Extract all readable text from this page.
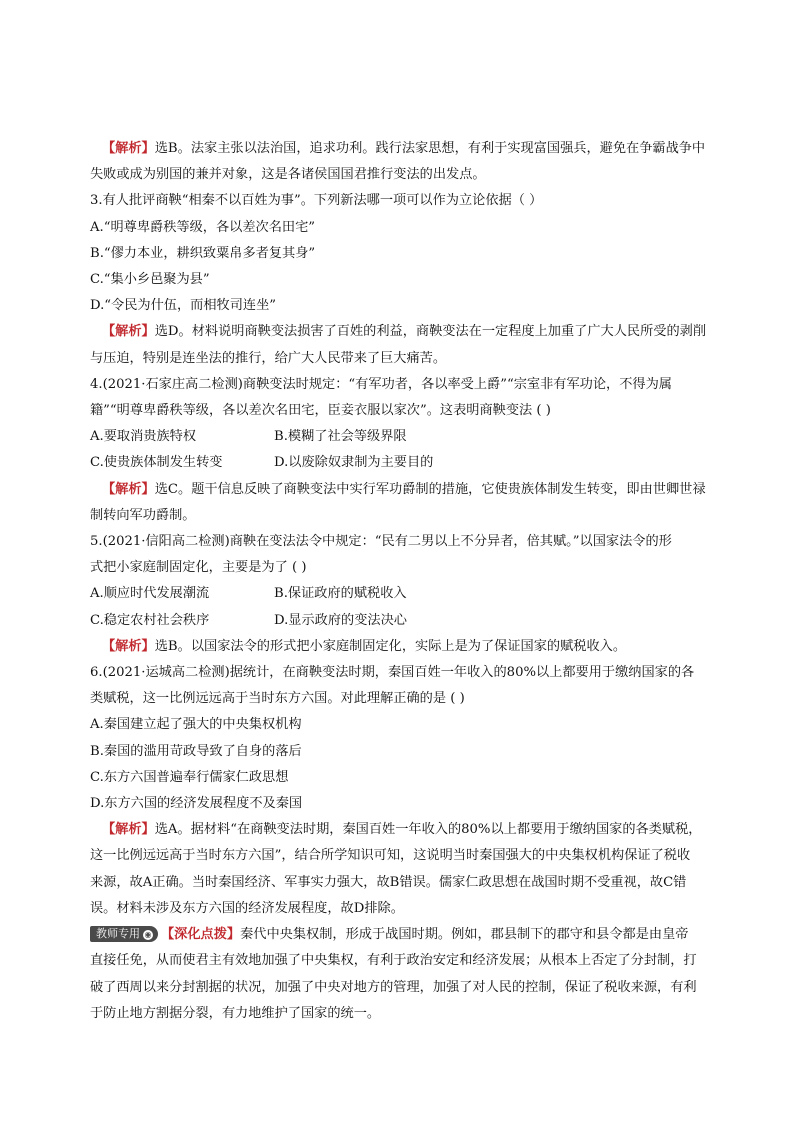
【解析】选B。法家主张以法治国，追求功利。践行法家思想，有利于实现富国强兵，避免在争霸战争中
失败或成为别国的兼并对象，这是各诸侯国国君推行变法的出发点。
3.有人批评商鞅“相秦不以百姓为事”。下列新法哪一项可以作为立论依据（ ）
A.“明尊卑爵秩等级，各以差次名田宅”
B.“僇力本业，耕织致粟帛多者复其身”
C.“集小乡邑聚为县”
D.“令民为什伍，而相牧司连坐”
【解析】选D。材料说明商鞅变法损害了百姓的利益，商鞅变法在一定程度上加重了广大人民所受的剥削
与压迫，特别是连坐法的推行，给广大人民带来了巨大痛苦。
4.(2021·石家庄高二检测)商鞅变法时规定：“有军功者，各以率受上爵”“宗室非有军功论，不得为属
籍”“明尊卑爵秩等级，各以差次名田宅，臣妾衣服以家次”。这表明商鞅变法 ( )
A.要取消贵族特权	B.模糊了社会等级界限
C.使贵族体制发生转变	D.以废除奴隶制为主要目的
【解析】选C。题干信息反映了商鞅变法中实行军功爵制的措施，它使贵族体制发生转变，即由世卿世禄
制转向军功爵制。
5.(2021·信阳高二检测)商鞅在变法法令中规定：“民有二男以上不分异者，倍其赋。”以国家法令的形
式把小家庭制固定化，主要是为了 ( )
A.顺应时代发展潮流	B.保证政府的赋税收入
C.稳定农村社会秩序	D.显示政府的变法决心
【解析】选B。以国家法令的形式把小家庭制固定化，实际上是为了保证国家的赋税收入。
6.(2021·运城高二检测)据统计，在商鞅变法时期，秦国百姓一年收入的80%以上都要用于缴纳国家的各
类赋税，这一比例远远高于当时东方六国。对此理解正确的是 ( )
A.秦国建立起了强大的中央集权机构
B.秦国的滥用苛政导致了自身的落后
C.东方六国普遍奉行儒家仁政思想
D.东方六国的经济发展程度不及秦国
【解析】选A。据材料“在商鞅变法时期，秦国百姓一年收入的80%以上都要用于缴纳国家的各类赋税，
这一比例远远高于当时东方六国”，结合所学知识可知，这说明当时秦国强大的中央集权机构保证了税收
来源，故A正确。当时秦国经济、军事实力强大，故B错误。儒家仁政思想在战国时期不受重视，故C错
误。材料未涉及东方六国的经济发展程度，故D排除。
教师专用 ◉ 【深化点拨】秦代中央集权制，形成于战国时期。例如，郡县制下的郡守和县令都是由皇帝
直接任免，从而使君主有效地加强了中央集权，有利于政治安定和经济发展；从根本上否定了分封制，打
破了西周以来分封割据的状况，加强了中央对地方的管理，加强了对人民的控制，保证了税收来源，有利
于防止地方割据分裂，有力地维护了国家的统一。
